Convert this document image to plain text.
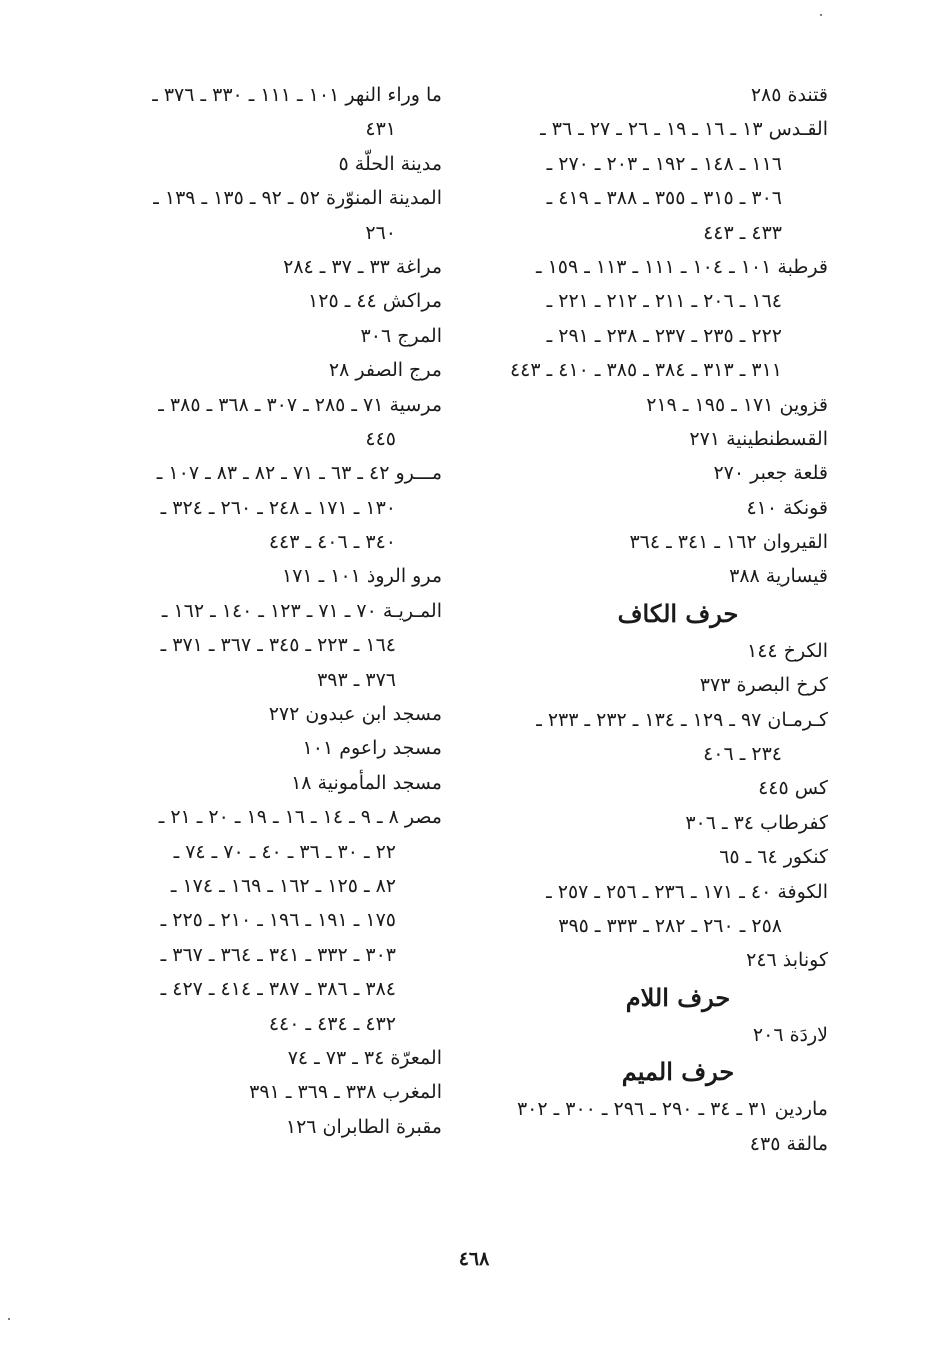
قتندة ٢٨٥
القـدس ١٣ ـ ١٦ ـ ١٩ ـ ٢٦ ـ ٢٧ ـ ٣٦ ـ
١١٦ ـ ١٤٨ ـ ١٩٢ ـ ٢٠٣ ـ ٢٧٠ ـ
٣٠٦ ـ ٣١٥ ـ ٣٥٥ ـ ٣٨٨ ـ ٤١٩ ـ
٤٣٣ ـ ٤٤٣
قرطبة ١٠١ ـ ١٠٤ ـ ١١١ ـ ١١٣ ـ ١٥٩ ـ
١٦٤ ـ ٢٠٦ ـ ٢١١ ـ ٢١٢ ـ ٢٢١ ـ
٢٢٢ ـ ٢٣٥ ـ ٢٣٧ ـ ٢٣٨ ـ ٢٩١ ـ
٣١١ ـ ٣١٣ ـ ٣٨٤ ـ ٣٨٥ ـ ٤١٠ ـ ٤٤٣
قزوين ١٧١ ـ ١٩٥ ـ ٢١٩
القسطنطينية ٢٧١
قلعة جعبر ٢٧٠
قونكة ٤١٠
القيروان ١٦٢ ـ ٣٤١ ـ ٣٦٤
قيسارية ٣٨٨
حرف الكاف
الكرخ ١٤٤
كرخ البصرة ٣٧٣
كـرمـان ٩٧ ـ ١٢٩ ـ ١٣٤ ـ ٢٣٢ ـ ٢٣٣ ـ
٢٣٤ ـ ٤٠٦
كس ٤٤٥
كفرطاب ٣٤ ـ ٣٠٦
كنكور ٦٤ ـ ٦٥
الكوفة ٤٠ ـ ١٧١ ـ ٢٣٦ ـ ٢٥٦ ـ ٢٥٧ ـ
٢٥٨ ـ ٢٦٠ ـ ٢٨٢ ـ ٣٣٣ ـ ٣٩٥
كونابذ ٢٤٦
حرف اللام
لاردَة ٢٠٦
حرف الميم
ماردين ٣١ ـ ٣٤ ـ ٢٩٠ ـ ٢٩٦ ـ ٣٠٠ ـ ٣٠٢
مالقة ٤٣٥
ما وراء النهر ١٠١ ـ ١١١ ـ ٣٣٠ ـ ٣٧٦ ـ
٤٣١
مدينة الحلّة ٥
المدينة المنوّرة ٥٢ ـ ٩٢ ـ ١٣٥ ـ ١٣٩ ـ
٢٦٠
مراغة ٣٣ ـ ٣٧ ـ ٢٨٤
مراكش ٤٤ ـ ١٢٥
المرج ٣٠٦
مرج الصفر ٢٨
مرسية ٧١ ـ ٢٨٥ ـ ٣٠٧ ـ ٣٦٨ ـ ٣٨٥ ـ
٤٤٥
مـــرو ٤٢ ـ ٦٣ ـ ٧١ ـ ٨٢ ـ ٨٣ ـ ١٠٧ ـ
١٣٠ ـ ١٧١ ـ ٢٤٨ ـ ٢٦٠ ـ ٣٢٤ ـ
٣٤٠ ـ ٤٠٦ ـ ٤٤٣
مرو الروذ ١٠١ ـ ١٧١
المـريـة ٧٠ ـ ٧١ ـ ١٢٣ ـ ١٤٠ ـ ١٦٢ ـ
١٦٤ ـ ٢٢٣ ـ ٣٤٥ ـ ٣٦٧ ـ ٣٧١ ـ
٣٧٦ ـ ٣٩٣
مسجد ابن عبدون ٢٧٢
مسجد راعوم ١٠١
مسجد المأمونية ١٨
مصر ٨ ـ ٩ ـ ١٤ ـ ١٦ ـ ١٩ ـ ٢٠ ـ ٢١ ـ
٢٢ ـ ٣٠ ـ ٣٦ ـ ٤٠ ـ ٧٠ ـ ٧٤ ـ
٨٢ ـ ١٢٥ ـ ١٦٢ ـ ١٦٩ ـ ١٧٤ ـ
١٧٥ ـ ١٩١ ـ ١٩٦ ـ ٢١٠ ـ ٢٢٥ ـ
٣٠٣ ـ ٣٣٢ ـ ٣٤١ ـ ٣٦٤ ـ ٣٦٧ ـ
٣٨٤ ـ ٣٨٦ ـ ٣٨٧ ـ ٤١٤ ـ ٤٢٧ ـ
٤٣٢ ـ ٤٣٤ ـ ٤٤٠
المعرّة ٣٤ ـ ٧٣ ـ ٧٤
المغرب ٣٣٨ ـ ٣٦٩ ـ ٣٩١
مقبرة الطابران ١٢٦
٤٦٨
